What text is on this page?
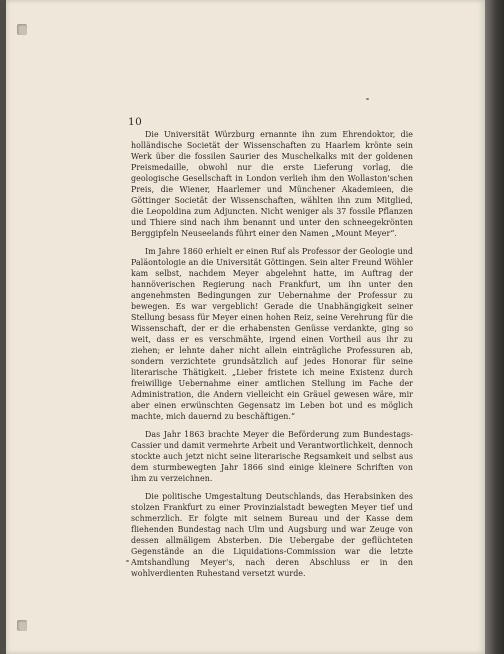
10

Die Universität Würzburg ernannte ihn zum Ehrendoktor, die holländische Societät der Wissenschaften zu Haarlem krönte sein Werk über die fossilen Saurier des Muschelkalks mit der goldenen Preismedaille, obwohl nur die erste Lieferung vorlag, die geologische Gesellschaft in London verlieh ihm den Wollaston'schen Preis, die Wiener, Haarlemer und Münchener Akademieen, die Göttinger Societät der Wissenschaften, wählten ihn zum Mitglied, die Leopoldina zum Adjuncten. Nicht weniger als 37 fossile Pflanzen und Thiere sind nach ihm benannt und unter den schneegekrönten Berggipfeln Neuseelands führt einer den Namen „Mount Meyer“.

Im Jahre 1860 erhielt er einen Ruf als Professor der Geologie und Paläontologie an die Universität Göttingen. Sein alter Freund Wöhler kam selbst, nachdem Meyer abgelehnt hatte, im Auftrag der hannöverischen Regierung nach Frankfurt, um ihn unter den angenehmsten Bedingungen zur Uebernahme der Professur zu bewegen. Es war vergeblich! Gerade die Unabhängigkeit seiner Stellung besass für Meyer einen hohen Reiz, seine Verehrung für die Wissenschaft, der er die erhabensten Genüsse verdankte, ging so weit, dass er es verschmähte, irgend einen Vortheil aus ihr zu ziehen; er lehnte daher nicht allein einträgliche Professuren ab, sondern verzichtete grundsätzlich auf jedes Honorar für seine literarische Thätigkeit. „Lieber fristete ich meine Existenz durch freiwillige Uebernahme einer amtlichen Stellung im Fache der Administration, die Andern vielleicht ein Gräuel gewesen wäre, mir aber einen erwünschten Gegensatz im Leben bot und es möglich machte, mich dauernd zu beschäftigen.“

Das Jahr 1863 brachte Meyer die Beförderung zum Bundestags-Cassier und damit vermehrte Arbeit und Verantwortlichkeit, dennoch stockte auch jetzt nicht seine literarische Regsamkeit und selbst aus dem sturmbewegten Jahr 1866 sind einige kleinere Schriften von ihm zu verzeichnen.

Die politische Umgestaltung Deutschlands, das Herabsinken des stolzen Frankfurt zu einer Provinzialstadt bewegten Meyer tief und schmerzlich. Er folgte mit seinem Bureau und der Kasse dem fliehenden Bundestag nach Ulm und Augsburg und war Zeuge von dessen allmäligem Absterben. Die Uebergabe der geflüchteten Gegenstände an die Liquidations-Commission war die letzte Amtshandlung Meyer's, nach deren Abschluss er in den wohlverdienten Ruhestand versetzt wurde.
